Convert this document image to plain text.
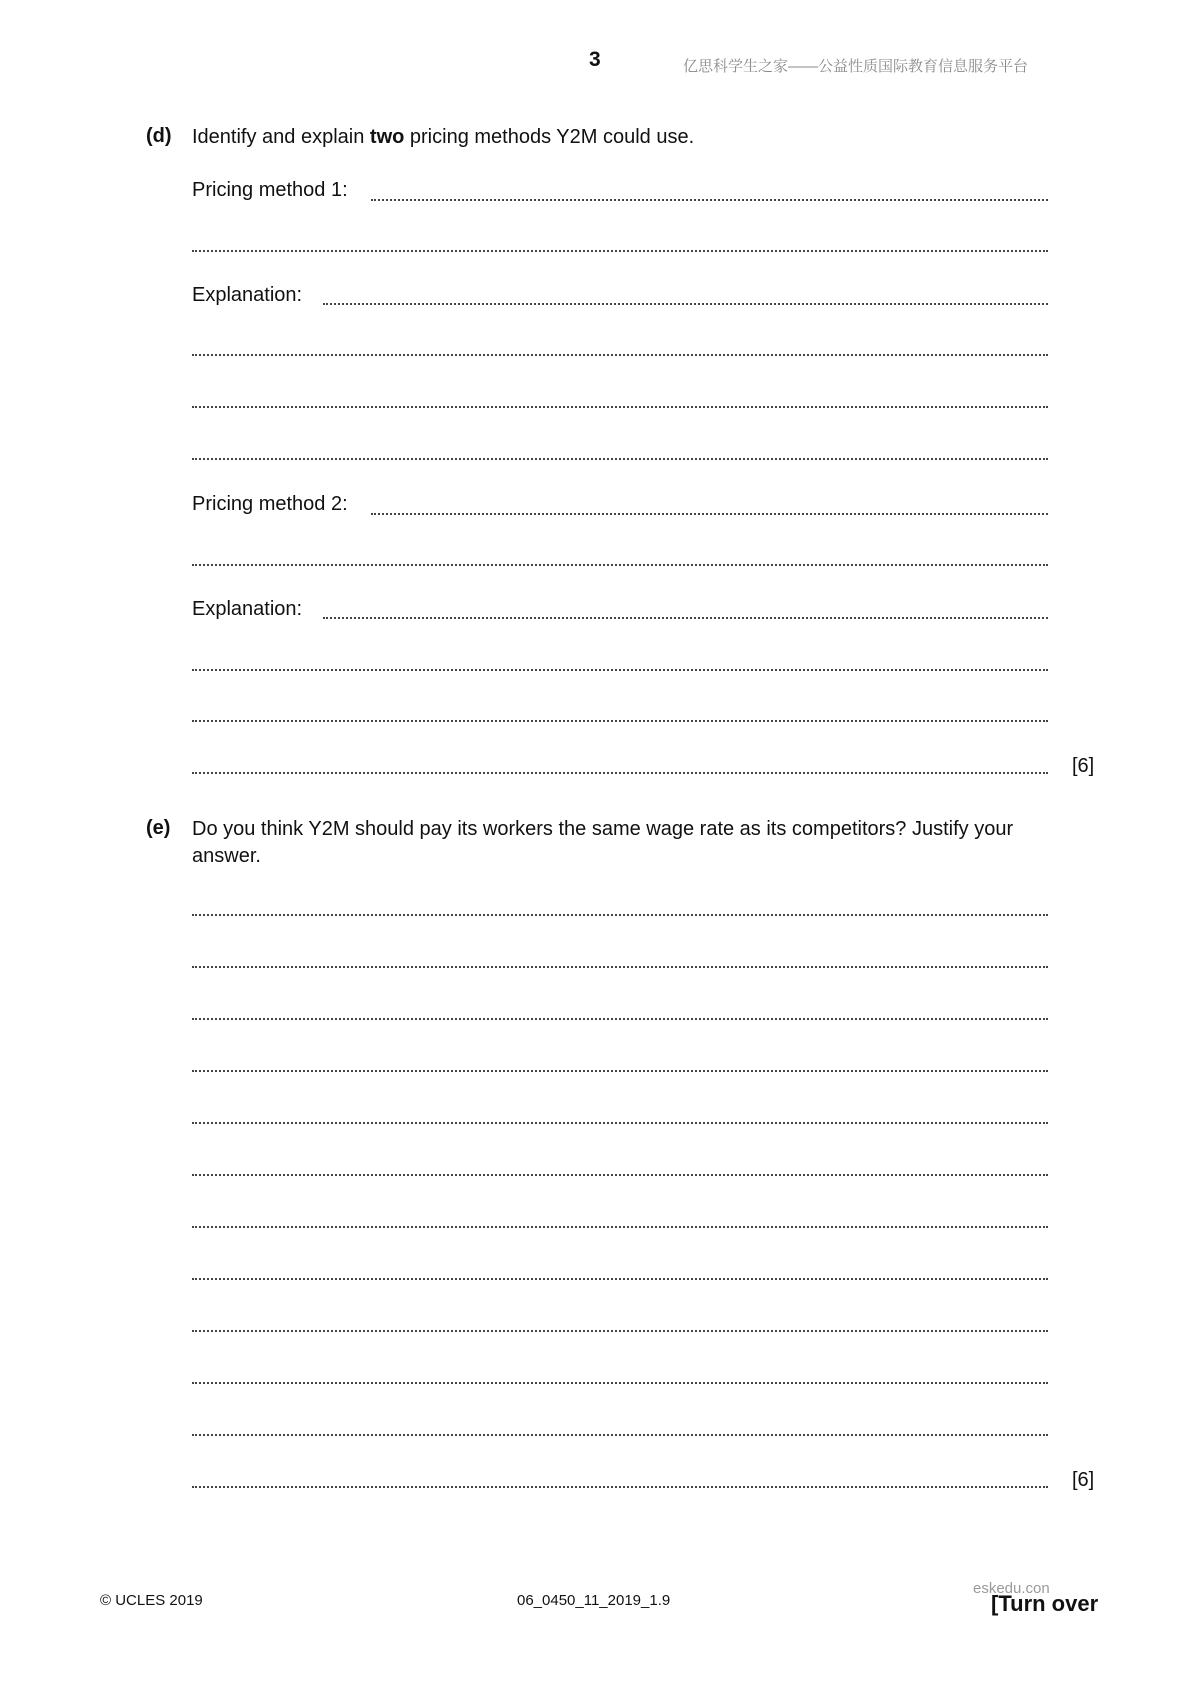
3	亿思科学生之家——公益性质国际教育信息服务平台
(d) Identify and explain two pricing methods Y2M could use.
Pricing method 1:
Explanation:
Pricing method 2:
Explanation:
[6]
(e) Do you think Y2M should pay its workers the same wage rate as its competitors? Justify your
answer.
[6]
© UCLES 2019	06_0450_11_2019_1.9
eskedu.con
[Turn over
